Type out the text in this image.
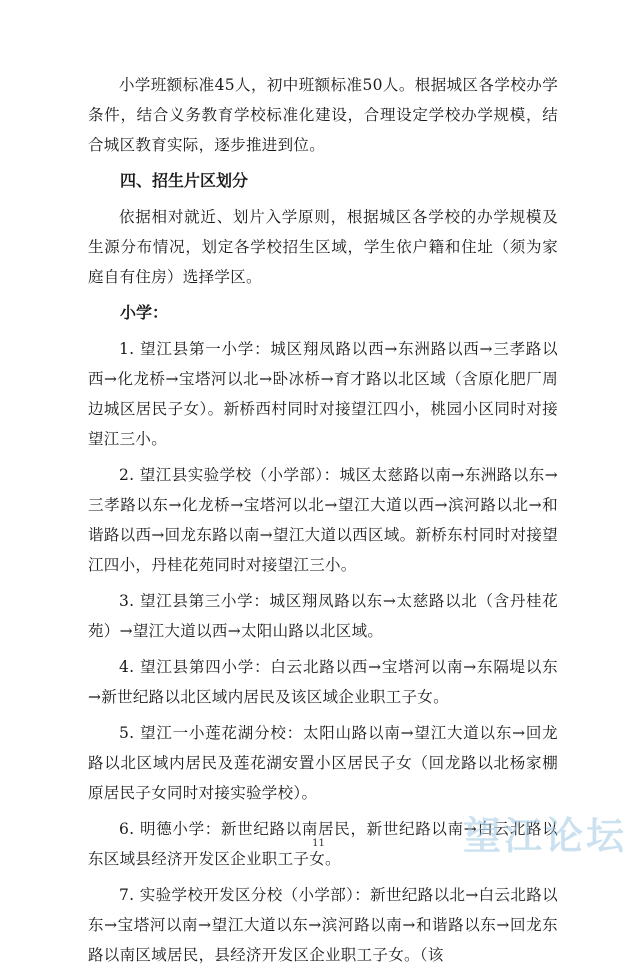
小学班额标准45人，初中班额标准50人。根据城区各学校办学条件，结合义务教育学校标准化建设，合理设定学校办学规模，结合城区教育实际，逐步推进到位。

四、招生片区划分

依据相对就近、划片入学原则，根据城区各学校的办学规模及生源分布情况，划定各学校招生区域，学生依户籍和住址（须为家庭自有住房）选择学区。

小学：

1. 望江县第一小学：城区翔凤路以西→东洲路以西→三孝路以西→化龙桥→宝塔河以北→卧冰桥→育才路以北区域（含原化肥厂周边城区居民子女）。新桥西村同时对接望江四小，桃园小区同时对接望江三小。

2. 望江县实验学校（小学部）：城区太慈路以南→东洲路以东→三孝路以东→化龙桥→宝塔河以北→望江大道以西→滨河路以北→和谐路以西→回龙东路以南→望江大道以西区域。新桥东村同时对接望江四小，丹桂花苑同时对接望江三小。

3. 望江县第三小学：城区翔凤路以东→太慈路以北（含丹桂花苑）→望江大道以西→太阳山路以北区域。

4. 望江县第四小学：白云北路以西→宝塔河以南→东隔堤以东→新世纪路以北区域内居民及该区域企业职工子女。

5. 望江一小莲花湖分校：太阳山路以南→望江大道以东→回龙路以北区域内居民及莲花湖安置小区居民子女（回龙路以北杨家棚原居民子女同时对接实验学校）。

6. 明德小学：新世纪路以南居民，新世纪路以南→白云北路以东区域县经济开发区企业职工子女。

7. 实验学校开发区分校（小学部）：新世纪路以北→白云北路以东→宝塔河以南→望江大道以东→滨河路以南→和谐路以东→回龙东路以南区域居民，县经济开发区企业职工子女。（该

11	望江论坛
